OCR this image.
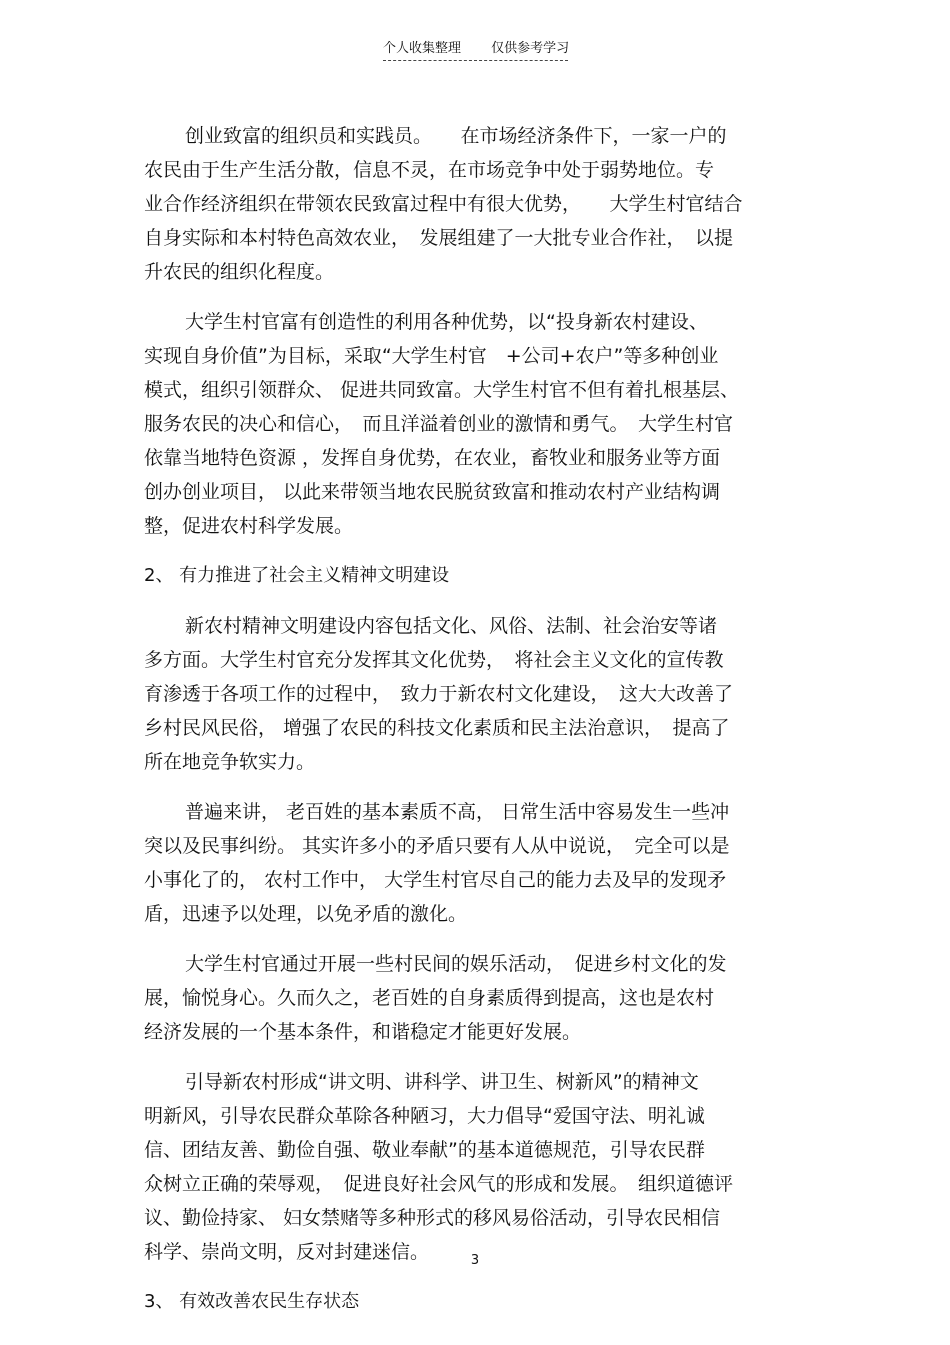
个人收集整理 仅供参考学习
创业致富的组织员和实践员。　　在市场经济条件下，一家一户的
农民由于生产生活分散，信息不灵，在市场竞争中处于弱势地位。专
业合作经济组织在带领农民致富过程中有很大优势，　　大学生村官结合
自身实际和本村特色高效农业，　发展组建了一大批专业合作社，　以提
升农民的组织化程度。
大学生村官富有创造性的利用各种优势，以“投身新农村建设、
实现自身价值”为目标，采取“大学生村官　+公司+农户”等多种创业
模式，组织引领群众、 促进共同致富。大学生村官不但有着扎根基层、
服务农民的决心和信心，　而且洋溢着创业的激情和勇气。　大学生村官
依靠当地特色资源 ，发挥自身优势，在农业，畜牧业和服务业等方面
创办创业项目， 以此来带领当地农民脱贫致富和推动农村产业结构调
整，促进农村科学发展。
2、 有力推进了社会主义精神文明建设
新农村精神文明建设内容包括文化、风俗、法制、社会治安等诸
多方面。大学生村官充分发挥其文化优势，　将社会主义文化的宣传教
育渗透于各项工作的过程中，　致力于新农村文化建设，　这大大改善了
乡村民风民俗， 增强了农民的科技文化素质和民主法治意识，　提高了
所在地竞争软实力。
普遍来讲， 老百姓的基本素质不高， 日常生活中容易发生一些冲
突以及民事纠纷。 其实许多小的矛盾只要有人从中说说，　完全可以是
小事化了的， 农村工作中， 大学生村官尽自己的能力去及早的发现矛
盾，迅速予以处理，以免矛盾的激化。
大学生村官通过开展一些村民间的娱乐活动，　促进乡村文化的发
展，愉悦身心。久而久之，老百姓的自身素质得到提高，这也是农村
经济发展的一个基本条件，和谐稳定才能更好发展。
引导新农村形成“讲文明、讲科学、讲卫生、树新风”的精神文
明新风，引导农民群众革除各种陋习，大力倡导“爱国守法、明礼诚
信、团结友善、勤俭自强、敬业奉献”的基本道德规范，引导农民群
众树立正确的荣辱观，　促进良好社会风气的形成和发展。　组织道德评
议、勤俭持家、 妇女禁赌等多种形式的移风易俗活动，引导农民相信
科学、崇尚文明，反对封建迷信。
3、 有效改善农民生存状态
3
